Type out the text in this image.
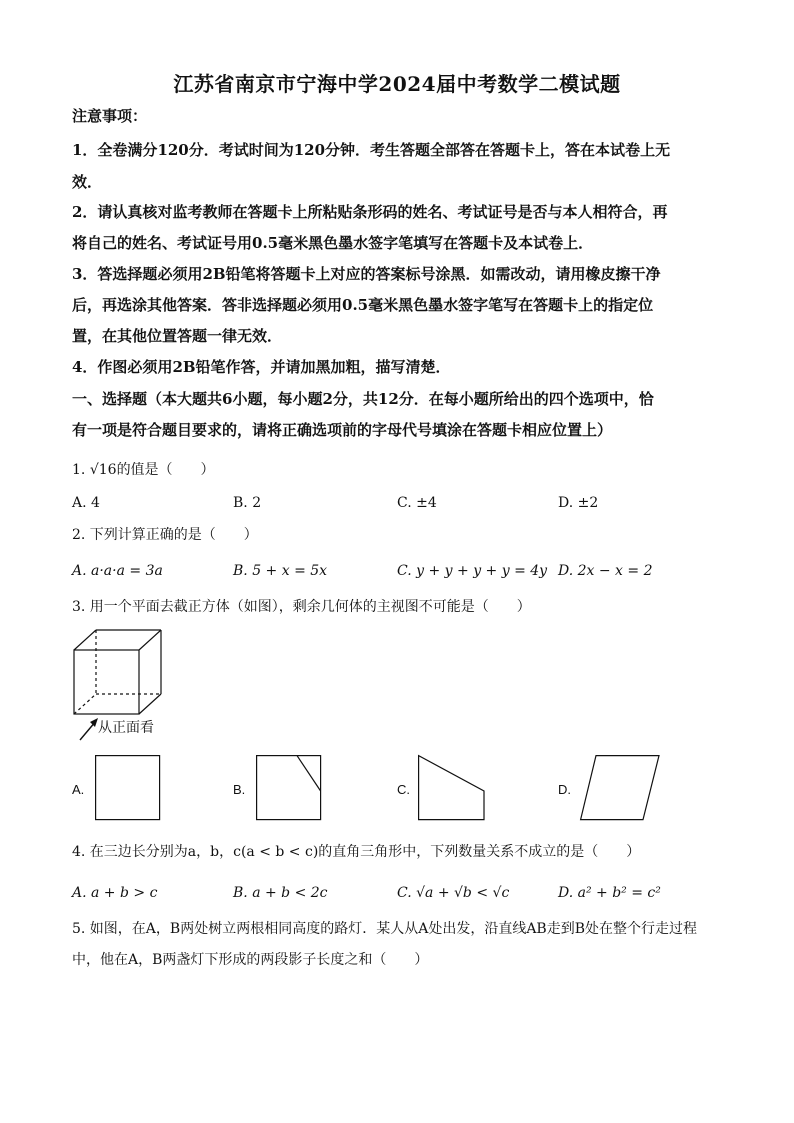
江苏省南京市宁海中学2024届中考数学二模试题
注意事项：
1．全卷满分120分．考试时间为120分钟．考生答题全部答在答题卡上，答在本试卷上无
效．
2．请认真核对监考教师在答题卡上所粘贴条形码的姓名、考试证号是否与本人相符合，再
将自己的姓名、考试证号用0.5毫米黑色墨水签字笔填写在答题卡及本试卷上．
3．答选择题必须用2B铅笔将答题卡上对应的答案标号涂黑．如需改动，请用橡皮擦干净
后，再选涂其他答案．答非选择题必须用0.5毫米黑色墨水签字笔写在答题卡上的指定位
置，在其他位置答题一律无效．
4．作图必须用2B铅笔作答，并请加黑加粗，描写清楚．
一、选择题（本大题共6小题，每小题2分，共12分．在每小题所给出的四个选项中，恰
有一项是符合题目要求的，请将正确选项前的字母代号填涂在答题卡相应位置上）
1. √16的值是（　　）
A. 4	B. 2	C. ±4	D. ±2
2. 下列计算正确的是（　　）
A. a·a·a = 3a	B. 5 + x = 5x	C. y + y + y + y = 4y D. 2x − x = 2
3. 用一个平面去截正方体（如图），剩余几何体的主视图不可能是（　　）
从正面看
A.	B.	C.	D.
4. 在三边长分别为a，b，c(a < b < c)的直角三角形中，下列数量关系不成立的是（　　）
A. a + b > c	B. a + b < 2c	C. √a + √b < √c	D. a² + b² = c²
5. 如图，在A，B两处树立两根相同高度的路灯．某人从A处出发，沿直线AB走到B处在整个行走过程
中，他在A，B两盏灯下形成的两段影子长度之和（　　）
